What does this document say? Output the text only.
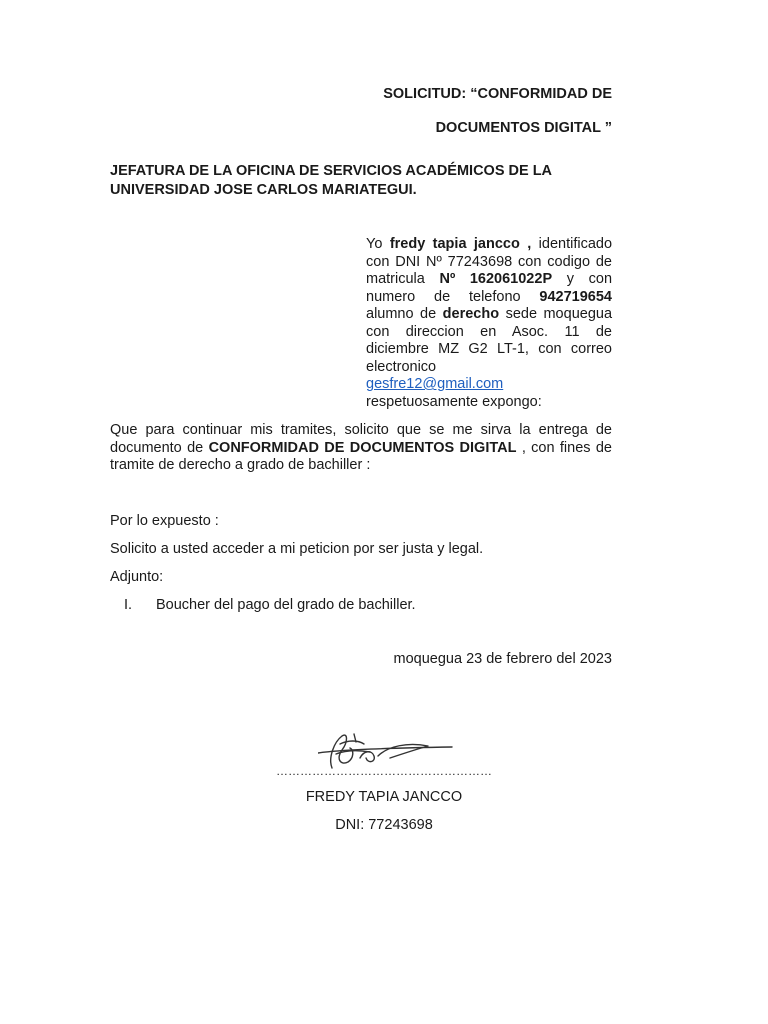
SOLICITUD: “CONFORMIDAD DE
DOCUMENTOS DIGITAL ”
JEFATURA DE LA OFICINA DE SERVICIOS ACADÉMICOS DE LA
UNIVERSIDAD JOSE CARLOS MARIATEGUI.
Yo fredy tapia jancco , identificado con DNI Nº 77243698 con codigo de matricula Nº 162061022P y con numero de telefono 942719654 alumno de derecho sede moquegua con direccion en Asoc. 11 de diciembre MZ G2 LT-1, con correo electronico
gesfre12@gmail.com
respetuosamente expongo:
Que para continuar mis tramites, solicito que se me sirva la entrega de documento de CONFORMIDAD DE DOCUMENTOS DIGITAL , con fines de tramite de derecho a grado de bachiller :
Por lo expuesto :
Solicito a usted acceder a mi peticion por ser justa y legal.
Adjunto:
I. Boucher del pago del grado de bachiller.
moquegua 23 de febrero del 2023
………………………………………………
FREDY TAPIA JANCCO
DNI: 77243698
